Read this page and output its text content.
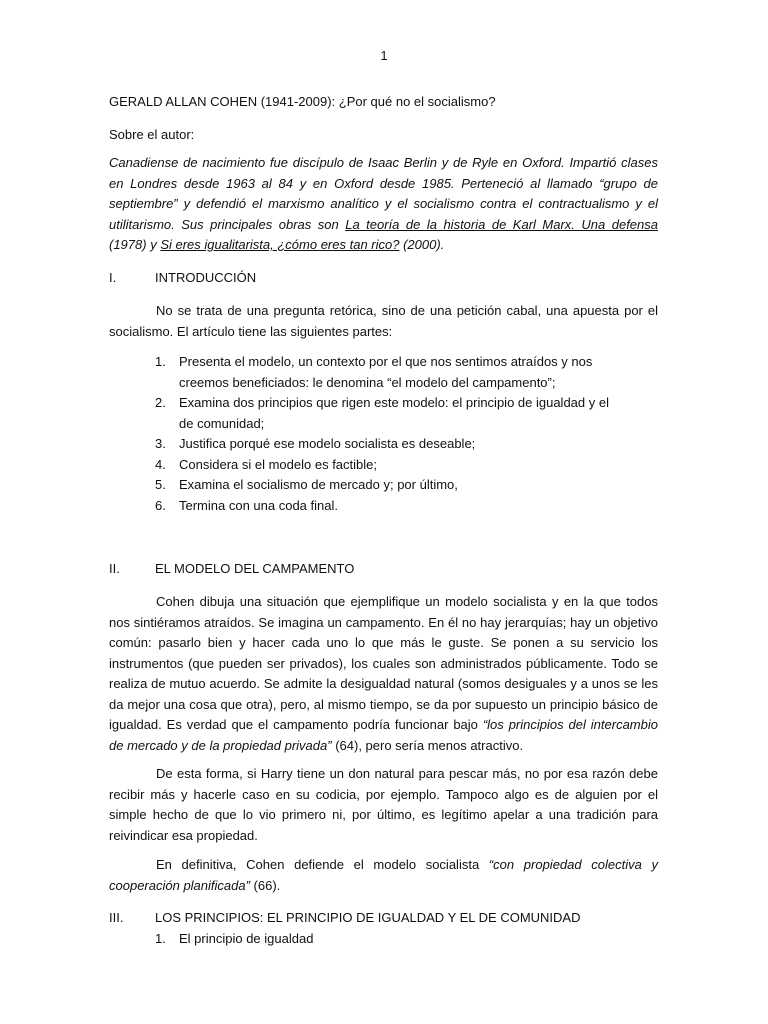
1
GERALD ALLAN COHEN (1941-2009): ¿Por qué no el socialismo?
Sobre el autor:
Canadiense de nacimiento fue discípulo de Isaac Berlin y de Ryle en Oxford. Impartió clases en Londres desde 1963 al 84 y en Oxford desde 1985. Perteneció al llamado “grupo de septiembre” y defendió el marxismo analítico y el socialismo contra el contractualismo y el utilitarismo. Sus principales obras son La teoría de la historia de Karl Marx. Una defensa (1978) y Si eres igualitarista, ¿cómo eres tan rico? (2000).
I.	INTRODUCCIÓN
No se trata de una pregunta retórica, sino de una petición cabal, una apuesta por el socialismo. El artículo tiene las siguientes partes:
1. Presenta el modelo, un contexto por el que nos sentimos atraídos y nos creemos beneficiados: le denomina “el modelo del campamento”;
2. Examina dos principios que rigen este modelo: el principio de igualdad y el de comunidad;
3. Justifica porqué ese modelo socialista es deseable;
4. Considera si el modelo es factible;
5. Examina el socialismo de mercado y; por último,
6. Termina con una coda final.
II.	EL MODELO DEL CAMPAMENTO
Cohen dibuja una situación que ejemplifique un modelo socialista y en la que todos nos sintiéramos atraídos. Se imagina un campamento. En él no hay jerarquías; hay un objetivo común: pasarlo bien y hacer cada uno lo que más le guste. Se ponen a su servicio los instrumentos (que pueden ser privados), los cuales son administrados públicamente. Todo se realiza de mutuo acuerdo. Se admite la desigualdad natural (somos desiguales y a unos se les da mejor una cosa que otra), pero, al mismo tiempo, se da por supuesto un principio básico de igualdad. Es verdad que el campamento podría funcionar bajo “los principios del intercambio de mercado y de la propiedad privada” (64), pero sería menos atractivo.
De esta forma, si Harry tiene un don natural para pescar más, no por esa razón debe recibir más y hacerle caso en su codicia, por ejemplo. Tampoco algo es de alguien por el simple hecho de que lo vio primero ni, por último, es legítimo apelar a una tradición para reivindicar esa propiedad.
En definitiva, Cohen defiende el modelo socialista “con propiedad colectiva y cooperación planificada” (66).
III.	LOS PRINCIPIOS: EL PRINCIPIO DE IGUALDAD Y EL DE COMUNIDAD
1. El principio de igualdad
